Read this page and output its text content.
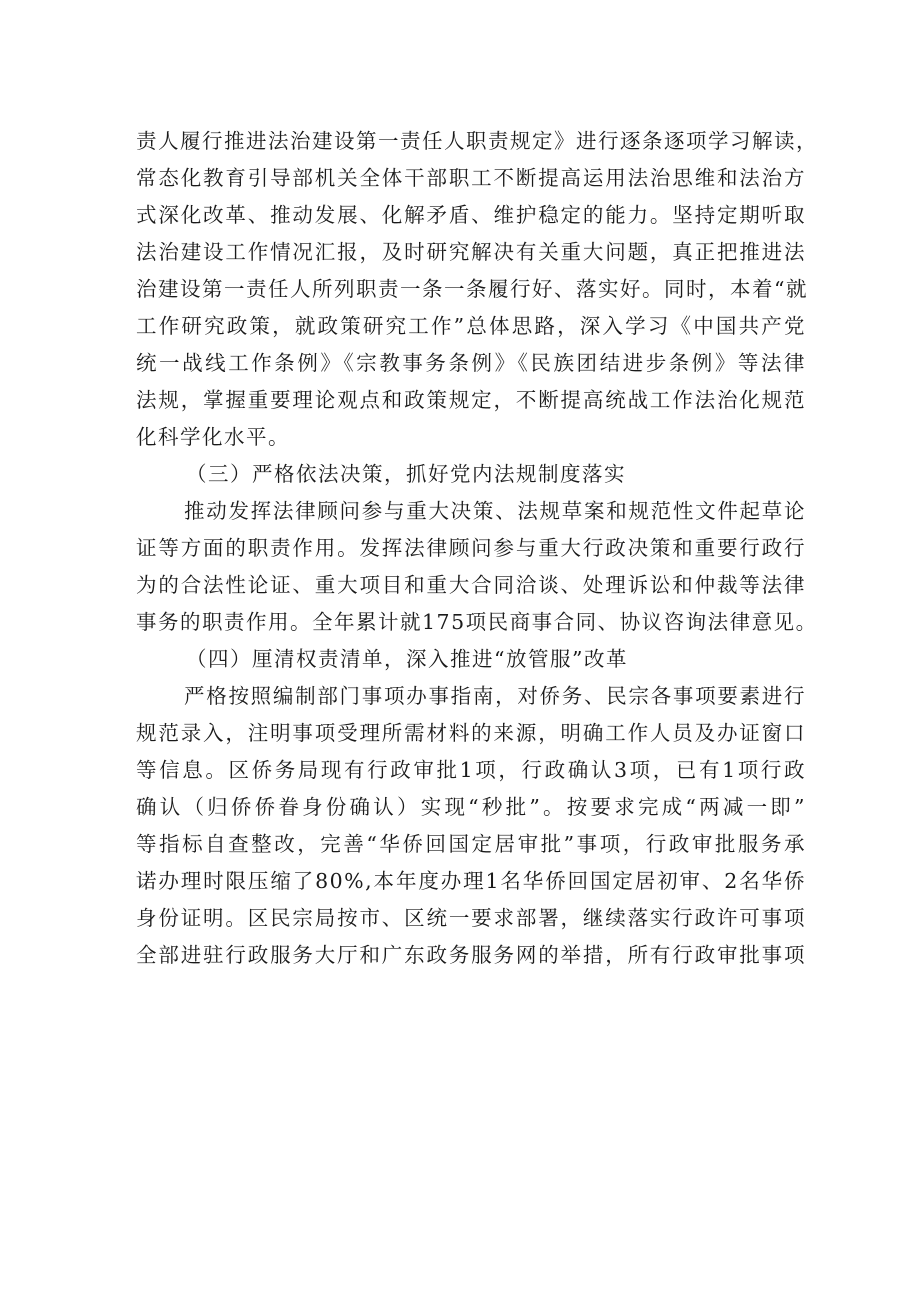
责人履行推进法治建设第一责任人职责规定》进行逐条逐项学习解读，
常态化教育引导部机关全体干部职工不断提高运用法治思维和法治方
式深化改革、推动发展、化解矛盾、维护稳定的能力。坚持定期听取
法治建设工作情况汇报，及时研究解决有关重大问题，真正把推进法
治建设第一责任人所列职责一条一条履行好、落实好。同时，本着“就
工作研究政策，就政策研究工作”总体思路，深入学习《中国共产党
统一战线工作条例》《宗教事务条例》《民族团结进步条例》等法律
法规，掌握重要理论观点和政策规定，不断提高统战工作法治化规范
化科学化水平。
（三）严格依法决策，抓好党内法规制度落实
推动发挥法律顾问参与重大决策、法规草案和规范性文件起草论
证等方面的职责作用。发挥法律顾问参与重大行政决策和重要行政行
为的合法性论证、重大项目和重大合同洽谈、处理诉讼和仲裁等法律
事务的职责作用。全年累计就175项民商事合同、协议咨询法律意见。
（四）厘清权责清单，深入推进“放管服”改革
严格按照编制部门事项办事指南，对侨务、民宗各事项要素进行
规范录入，注明事项受理所需材料的来源，明确工作人员及办证窗口
等信息。区侨务局现有行政审批1项，行政确认3项，已有1项行政
确认（归侨侨眷身份确认）实现“秒批”。按要求完成“两减一即”
等指标自查整改，完善“华侨回国定居审批”事项，行政审批服务承
诺办理时限压缩了80%,本年度办理1名华侨回国定居初审、2名华侨
身份证明。区民宗局按市、区统一要求部署，继续落实行政许可事项
全部进驻行政服务大厅和广东政务服务网的举措，所有行政审批事项
